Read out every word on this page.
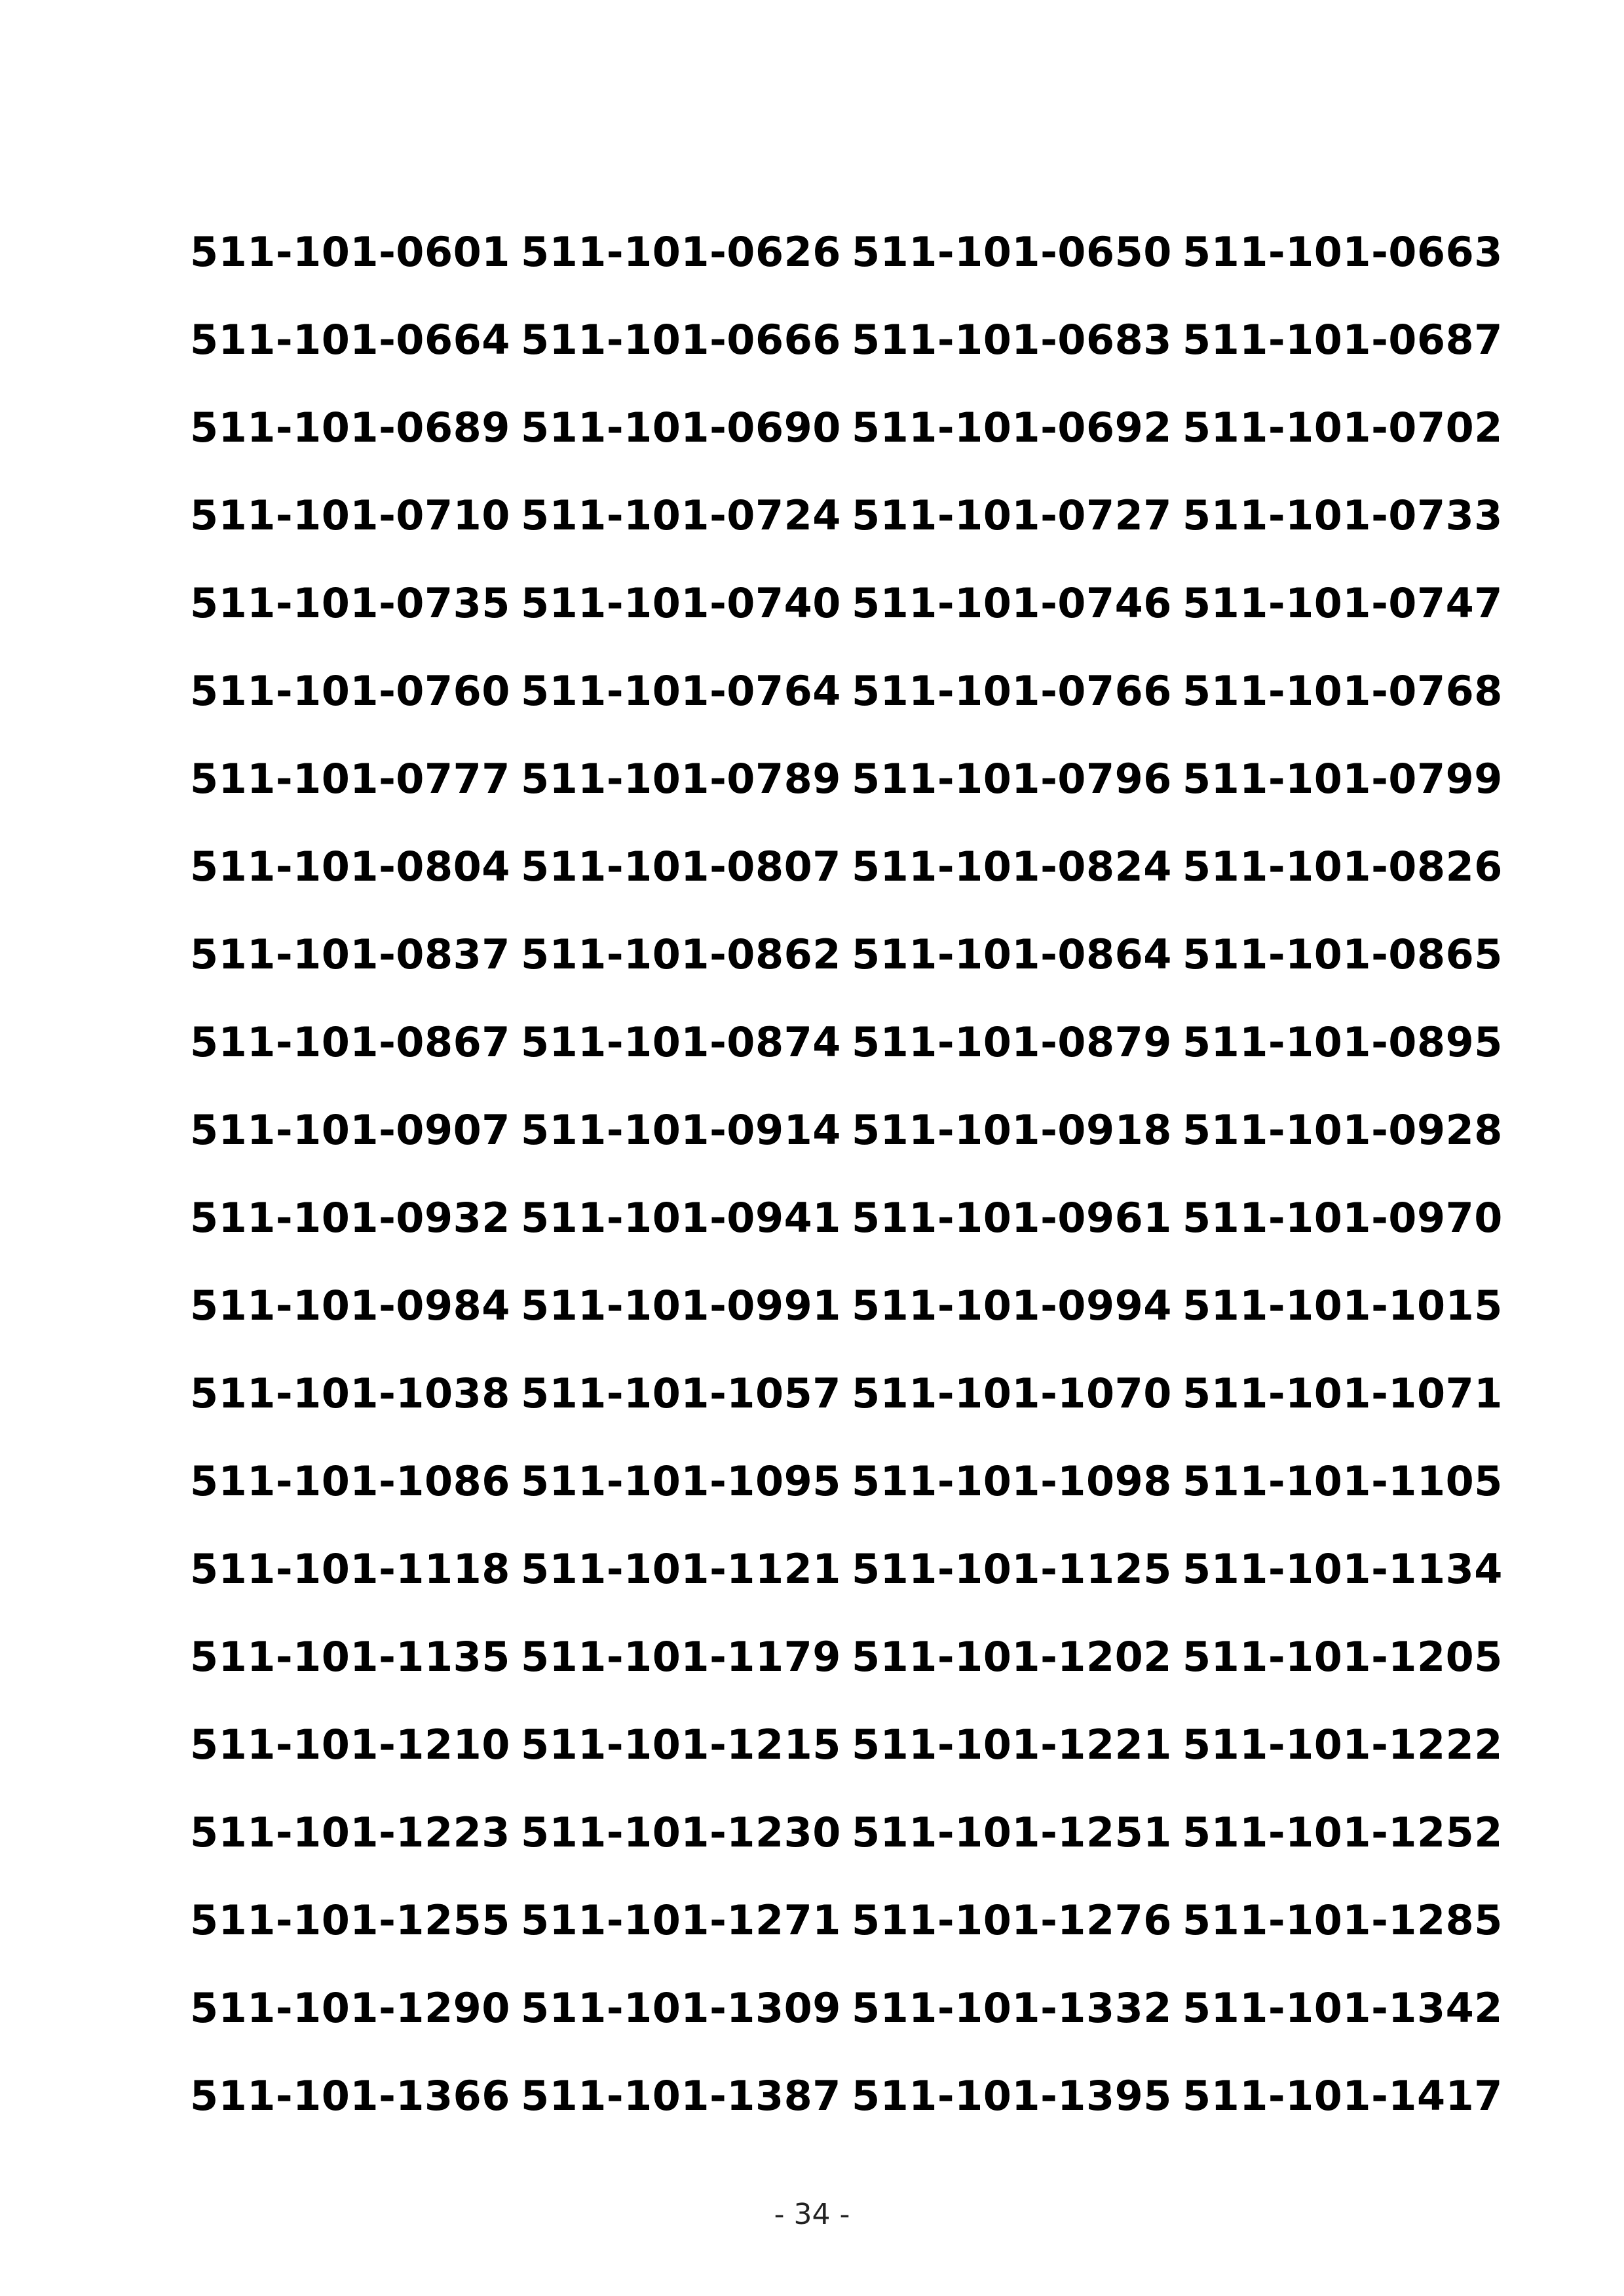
511-101-0601 511-101-0626 511-101-0650 511-101-0663
511-101-0664 511-101-0666 511-101-0683 511-101-0687
511-101-0689 511-101-0690 511-101-0692 511-101-0702
511-101-0710 511-101-0724 511-101-0727 511-101-0733
511-101-0735 511-101-0740 511-101-0746 511-101-0747
511-101-0760 511-101-0764 511-101-0766 511-101-0768
511-101-0777 511-101-0789 511-101-0796 511-101-0799
511-101-0804 511-101-0807 511-101-0824 511-101-0826
511-101-0837 511-101-0862 511-101-0864 511-101-0865
511-101-0867 511-101-0874 511-101-0879 511-101-0895
511-101-0907 511-101-0914 511-101-0918 511-101-0928
511-101-0932 511-101-0941 511-101-0961 511-101-0970
511-101-0984 511-101-0991 511-101-0994 511-101-1015
511-101-1038 511-101-1057 511-101-1070 511-101-1071
511-101-1086 511-101-1095 511-101-1098 511-101-1105
511-101-1118 511-101-1121 511-101-1125 511-101-1134
511-101-1135 511-101-1179 511-101-1202 511-101-1205
511-101-1210 511-101-1215 511-101-1221 511-101-1222
511-101-1223 511-101-1230 511-101-1251 511-101-1252
511-101-1255 511-101-1271 511-101-1276 511-101-1285
511-101-1290 511-101-1309 511-101-1332 511-101-1342
511-101-1366 511-101-1387 511-101-1395 511-101-1417
- 34 -
